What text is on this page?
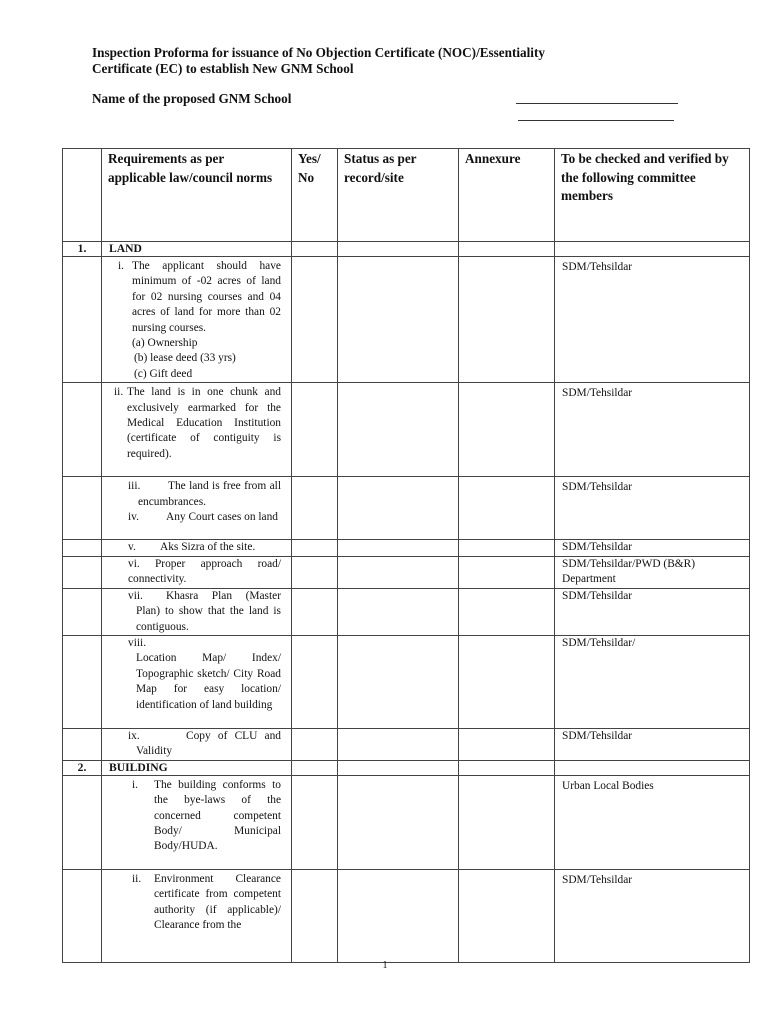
Inspection Proforma for issuance of No Objection Certificate (NOC)/Essentiality
Certificate (EC) to establish New GNM School
Name of the proposed GNM School
	Requirements as per applicable law/council norms	Yes/ No	Status as per record/site	Annexure	To be checked and verified by the following committee members
1.	LAND				

	i. The applicant should have minimum of -02 acres of land for 02 nursing courses and 04 acres of land for more than 02 nursing courses.
(a) Ownership
(b) lease deed (33 yrs)
(c) Gift deed				SDM/Tehsildar

	ii. The land is in one chunk and exclusively earmarked for the Medical Education Institution (certificate of contiguity is required).				SDM/Tehsildar

	iii. The land is free from all encumbrances.
iv. Any Court cases on land				SDM/Tehsildar

	v. Aks Sizra of the site.				SDM/Tehsildar

	vi. Proper approach road/ connectivity.				SDM/Tehsildar/PWD (B&R) Department

	vii. Khasra Plan (Master Plan) to show that the land is contiguous.				SDM/Tehsildar

	viii.
Location Map/ Index/ Topographic sketch/ City Road Map for easy location/ identification of land building				SDM/Tehsildar/

	ix. Copy of CLU and Validity				SDM/Tehsildar
2.	BUILDING				

	i. The building conforms to the bye-laws of the concerned competent Body/ Municipal Body/HUDA.				Urban Local Bodies

	ii. Environment Clearance certificate from competent authority (if applicable)/ Clearance from the				SDM/Tehsildar
1
